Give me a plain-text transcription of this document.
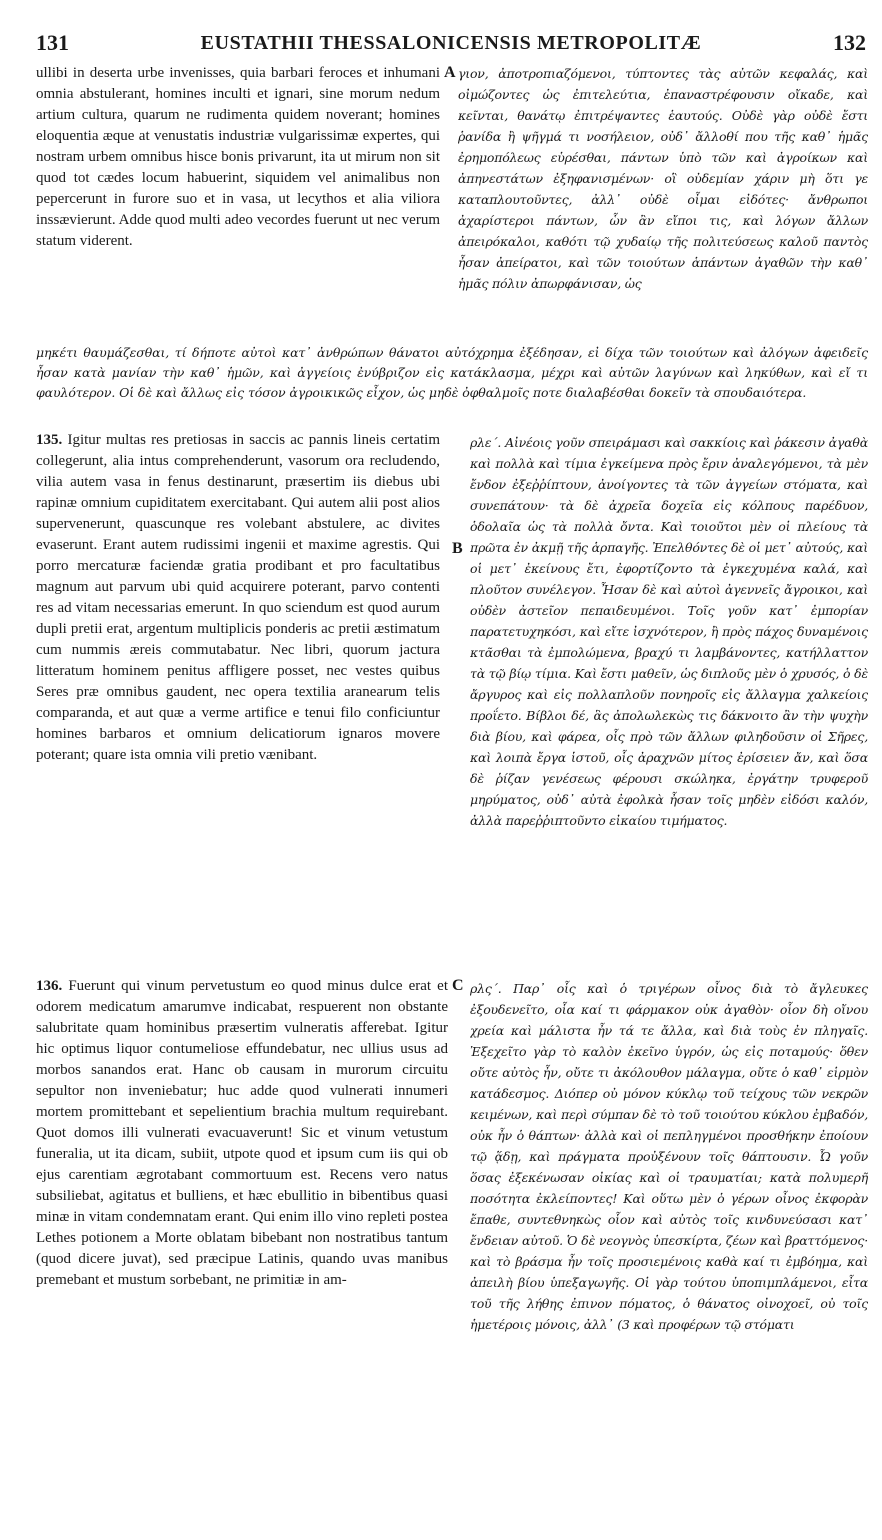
131	EUSTATHII THESSALONICENSIS METROPOLITÆ	132
ullibi in deserta urbe invenisses, quia barbari feroces et inhumani omnia abstulerant, homines inculti et ignari, sine morum nedum artium cultura, quarum ne rudimenta quidem noverant; homines eloquentia æque at venustatis industriæ vulgarissimæ expertes, qui nostram urbem omnibus hisce bonis privarunt, ita ut mirum non sit quod tot cædes locum habuerint, siquidem vel animalibus non pepercerunt in furore suo et in vasa, ut lecythos et alia viliora inssævierunt. Adde quod multi adeo vecordes fuerunt ut nec verum statum viderent.
A γιον, ἀποτροπιαζόμενοι, τύπτοντες τὰς αὐτῶν κεφαλάς, καὶ οἰμώζοντες ὡς ἐπιτελεύτια, ἐπαναστρέφουσιν οἴκαδε, καὶ κεῖνται, θανάτῳ ἐπιτρέψαντες ἑαυτούς. Οὐδὲ γὰρ οὐδὲ ἔστι ῥανίδα ἢ ψῆγμά τι νοσήλειον, οὐδ᾽ ἄλλοθί που τῆς καθ᾽ ἡμᾶς ἐρημοπόλεως εὑρέσθαι, πάντων ὑπὸ τῶν καὶ ἀγροίκων καὶ ἀπηνεστάτων ἐξηφανισμένων· οἳ οὐδεμίαν χάριν μὴ ὅτι γε καταπλουτοῦντες, ἀλλ᾽ οὐδὲ οἶμαι εἰδότες· ἄνθρωποι ἀχαρίστεροι πάντων, ὧν ἂν εἴποι τις, καὶ λόγων ἄλλων ἀπειρόκαλοι, καθότι τῷ χυδαίῳ τῆς πολιτεύσεως καλοῦ παντὸς ἦσαν ἀπείρατοι, καὶ τῶν τοιούτων ἁπάντων ἀγαθῶν τὴν καθ᾽ ἡμᾶς πόλιν ἀπωρφάνισαν, ὡς
μηκέτι θαυμάζεσθαι, τί δήποτε αὐτοὶ κατ᾽ ἀνθρώπων θάνατοι αὐτόχρημα ἐξέδησαν, εἰ δίχα τῶν τοιούτων καὶ ἀλόγων ἀφειδεῖς ἦσαν κατὰ μανίαν τὴν καθ᾽ ἡμῶν, καὶ ἀγγείοις ἐνύβριζον εἰς κατάκλασμα, μέχρι καὶ αὐτῶν λαγύνων καὶ ληκύθων, καὶ εἴ τι φαυλότερον. Οἱ δὲ καὶ ἄλλως εἰς τόσον ἀγροικικῶς εἶχον, ὡς μηδὲ ὀφθαλμοῖς ποτε διαλαβέσθαι δοκεῖν τὰ σπουδαιότερα.
135. Igitur multas res pretiosas in saccis ac pannis lineis certatim collegerunt, alia intus comprehenderunt, vasorum ora recludendo, vilia autem vasa in fenus destinarunt, præsertim iis diebus ubi rapinæ omnium cupiditatem exercitabant. Qui autem alii post alios supervenerunt, quascunque res volebant abstulere, ac divites evaserunt. Erant autem rudissimi ingenii et maxime agrestis. Qui porro mercaturæ faciendæ gratia prodibant et pro facultatibus magnum aut parvum ubi quid acquirere poterant, parvo contenti res ad vitam necessarias emerunt. In quo sciendum est quod aurum dupli pretii erat, argentum multiplicis ponderis ac pretii æstimatum cum nummis æreis commutabatur. Nec libri, quorum jactura litteratum hominem penitus affligere posset, nec vestes quibus Seres præ omnibus gaudent, nec opera textilia aranearum telis comparanda, et aut quæ a verme artifice e tenui filo conficiuntur homines barbaros et omnium delicatiorum ignaros movere poterant; quare ista omnia vili pretio vænibant.
B
ρλε´. Αἰνέοις γοῦν σπειράμασι καὶ σακκίοις καὶ ῥάκεσιν ἀγαθὰ καὶ πολλὰ καὶ τίμια ἐγκείμενα πρὸς ἔριν ἀναλεγόμενοι, τὰ μὲν ἔνδον ἐξεῤῥίπτουν, ἀνοίγοντες τὰ τῶν ἀγγείων στόματα, καὶ συνεπάτουν· τὰ δὲ ἀχρεῖα δοχεῖα εἰς κόλπους παρέδυον, ὁδολαῖα ὡς τὰ πολλὰ ὄντα. Καὶ τοιοῦτοι μὲν οἱ πλείους τὰ πρῶτα ἐν ἀκμῇ τῆς ἁρπαγῆς. Ἐπελθόντες δὲ οἱ μετ᾽ αὐτούς, καὶ οἱ μετ᾽ ἐκείνους ἔτι, ἐφορτίζοντο τὰ ἐγκεχυμένα καλά, καὶ πλοῦτον συνέλεγον. Ἦσαν δὲ καὶ αὐτοὶ ἀγεννεῖς ἄγροικοι, καὶ οὐδὲν ἀστεῖον πεπαιδευμένοι. Τοῖς γοῦν κατ᾽ ἐμπορίαν παρατετυχηκόσι, καὶ εἴτε ἰσχνότερον, ἢ πρὸς πάχος δυναμένοις κτᾶσθαι τὰ ἐμπολώμενα, βραχύ τι λαμβάνοντες, κατήλλαττον τὰ τῷ βίῳ τίμια. Καὶ ἔστι μαθεῖν, ὡς διπλοῦς μὲν ὁ χρυσός, ὁ δὲ ἄργυρος καὶ εἰς πολλαπλοῦν πονηροῖς εἰς ἄλλαγμα χαλκείοις προΐετο. Βίβλοι δέ, ἃς ἀπολωλεκὼς τις δάκνοιτο ἂν τὴν ψυχὴν διὰ βίου, καὶ φάρεα, οἷς πρὸ τῶν ἄλλων φιληδοῦσιν οἱ Σῆρες, καὶ λοιπὰ ἔργα ἱστοῦ, οἷς ἀραχνῶν μίτος ἐρίσειεν ἄν, καὶ ὅσα δὲ ῥίζαν γενέσεως φέρουσι σκώληκα, ἐργάτην τρυφεροῦ μηρύματος, οὐδ᾽ αὐτὰ ἐφολκὰ ἦσαν τοῖς μηδὲν εἰδόσι καλόν, ἀλλὰ παρεῤῥιπτοῦντο εἰκαίου τιμήματος.
136. Fuerunt qui vinum pervetustum eo quod minus dulce erat et odorem medicatum amarumve indicabat, respuerent non obstante salubritate quam hominibus præsertim vulneratis afferebat. Igitur hic optimus liquor contumeliose effundebatur, nec ullius usus ad morbos sanandos erat. Hanc ob causam in murorum circuitu sepultor non inveniebatur; huc adde quod vulnerati innumeri mortem promittebant et sepelientium brachia multum requirebant. Quot domos illi vulnerati evacuaverunt! Sic et vinum vetustum funeralia, ut ita dicam, subiit, utpote quod et ipsum cum iis qui ob ejus carentiam ægrotabant commortuum est. Recens vero natus subsiliebat, agitatus et bulliens, et hæc ebullitio in bibentibus quasi minæ in vitam condemnatam erant. Qui enim illo vino repleti postea Lethes potionem a Morte oblatam bibebant non nostratibus tantum (quod dicere juvat), sed præcipue Latinis, quando uvas manibus premebant et mustum sorbebant, ne primitiæ in am-
C ρλς´. Παρ᾽ οἷς καὶ ὁ τριγέρων οἶνος διὰ τὸ ἄγλευκες ἐξουδενεῖτο, οἷα καί τι φάρμακον οὐκ ἀγαθὸν· οἷον δὴ οἴνου χρεία καὶ μάλιστα ἦν τά τε ἄλλα, καὶ διὰ τοὺς ἐν πληγαῖς. Ἐξεχεῖτο γὰρ τὸ καλὸν ἐκεῖνο ὑγρόν, ὡς εἰς ποταμούς· ὅθεν οὔτε αὐτὸς ἦν, οὔτε τι ἀκόλουθον μάλαγμα, οὔτε ὁ καθ᾽ εἱρμὸν κατάδεσμος. Διόπερ οὐ μόνον κύκλῳ τοῦ τείχους τῶν νεκρῶν κειμένων, καὶ περὶ σύμπαν δὲ τὸ τοῦ τοιούτου κύκλου ἐμβαδόν, οὐκ ἦν ὁ θάπτων· ἀλλὰ καὶ οἱ πεπληγμένοι προσθήκην ἐποίουν τῷ ᾅδῃ, καὶ πράγματα προὐξένουν τοῖς θάπτουσιν. Ὦ γοῦν ὅσας ἐξεκένωσαν οἰκίας καὶ οἱ τραυματίαι; κατὰ πολυμερῆ ποσότητα ἐκλείποντες! Καὶ οὕτω μὲν ὁ γέρων οἶνος ἐκφορὰν ἔπαθε, συντεθνηκὼς οἷον καὶ αὐτὸς τοῖς κινδυνεύσασι κατ᾽ ἔνδειαν αὐτοῦ. Ὁ δὲ νεογνὸς ὑπεσκίρτα, ζέων καὶ βραττόμενος· καὶ τὸ βράσμα ἦν τοῖς προσιεμένοις καθὰ καί τι ἐμβόημα, καὶ ἀπειλὴ βίου ὑπεξαγωγῆς. Οἱ γὰρ τούτου ὑποπιμπλάμενοι, εἶτα τοῦ τῆς λήθης ἐπινον πόματος, ὁ θάνατος οἰνοχοεῖ, οὐ τοῖς ἡμετέροις μόνοις, ἀλλ᾽ (3 καὶ προφέρων τῷ στόματι
